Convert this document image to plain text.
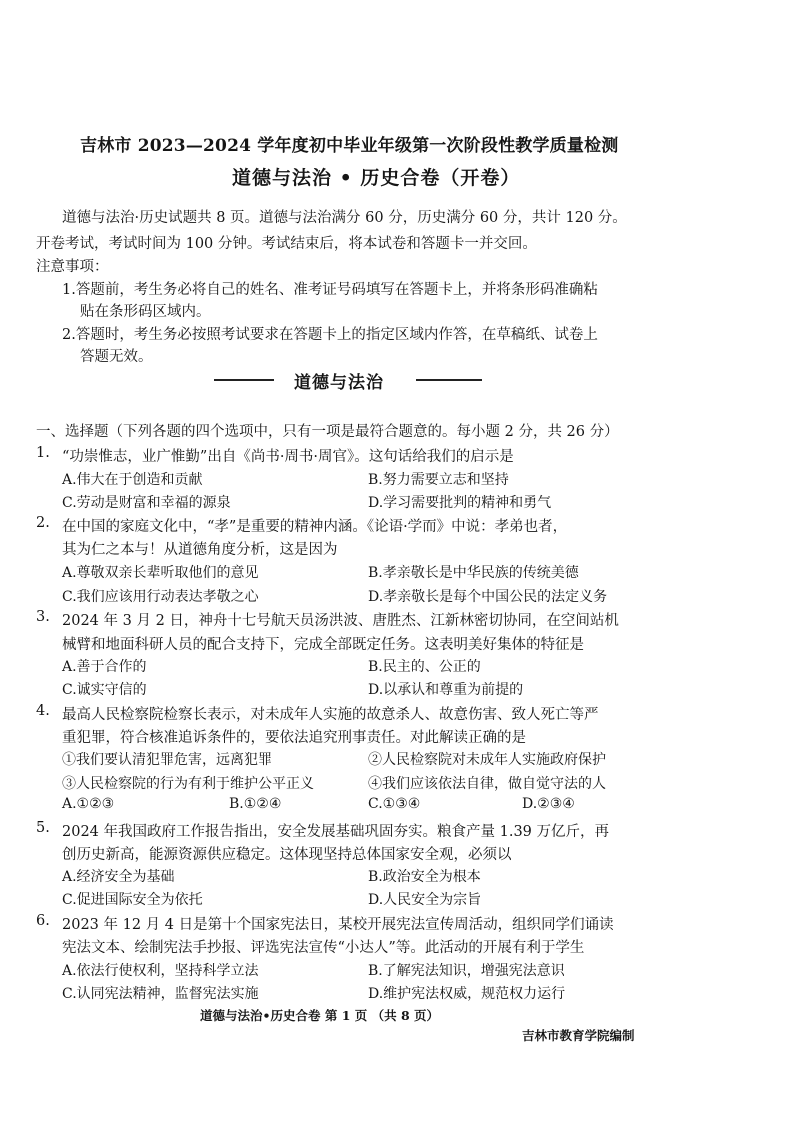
吉林市 2023—2024 学年度初中毕业年级第一次阶段性教学质量检测
道德与法治 • 历史合卷（开卷）
道德与法治·历史试题共 8 页。道德与法治满分 60 分，历史满分 60 分，共计 120 分。
开卷考试，考试时间为 100 分钟。考试结束后，将本试卷和答题卡一并交回。
注意事项：
1.答题前，考生务必将自己的姓名、准考证号码填写在答题卡上，并将条形码准确粘
贴在条形码区域内。
2.答题时，考生务必按照考试要求在答题卡上的指定区域内作答，在草稿纸、试卷上
答题无效。
道德与法治
一、选择题（下列各题的四个选项中，只有一项是最符合题意的。每小题 2 分，共 26 分）
1. “功崇惟志，业广惟勤”出自《尚书·周书·周官》。这句话给我们的启示是
A.伟大在于创造和贡献	B.努力需要立志和坚持
C.劳动是财富和幸福的源泉	D.学习需要批判的精神和勇气
2. 在中国的家庭文化中，“孝”是重要的精神内涵。《论语·学而》中说：孝弟也者，
其为仁之本与！从道德角度分析，这是因为
A.尊敬双亲长辈听取他们的意见	B.孝亲敬长是中华民族的传统美德
C.我们应该用行动表达孝敬之心	D.孝亲敬长是每个中国公民的法定义务
3. 2024 年 3 月 2 日，神舟十七号航天员汤洪波、唐胜杰、江新林密切协同，在空间站机
械臂和地面科研人员的配合支持下，完成全部既定任务。这表明美好集体的特征是
A.善于合作的	B.民主的、公正的
C.诚实守信的	D.以承认和尊重为前提的
4. 最高人民检察院检察长表示，对未成年人实施的故意杀人、故意伤害、致人死亡等严
重犯罪，符合核准追诉条件的，要依法追究刑事责任。对此解读正确的是
①我们要认清犯罪危害，远离犯罪	②人民检察院对未成年人实施政府保护
③人民检察院的行为有利于维护公平正义	④我们应该依法自律，做自觉守法的人
A.①②③	B.①②④	C.①③④	D.②③④
5. 2024 年我国政府工作报告指出，安全发展基础巩固夯实。粮食产量 1.39 万亿斤，再
创历史新高，能源资源供应稳定。这体现坚持总体国家安全观，必须以
A.经济安全为基础	B.政治安全为根本
C.促进国际安全为依托	D.人民安全为宗旨
6. 2023 年 12 月 4 日是第十个国家宪法日，某校开展宪法宣传周活动，组织同学们诵读
宪法文本、绘制宪法手抄报、评选宪法宣传“小达人”等。此活动的开展有利于学生
A.依法行使权利，坚持科学立法	B.了解宪法知识，增强宪法意识
C.认同宪法精神，监督宪法实施	D.维护宪法权威，规范权力运行
道德与法治•历史合卷 第 1 页 （共 8 页）
吉林市教育学院编制
